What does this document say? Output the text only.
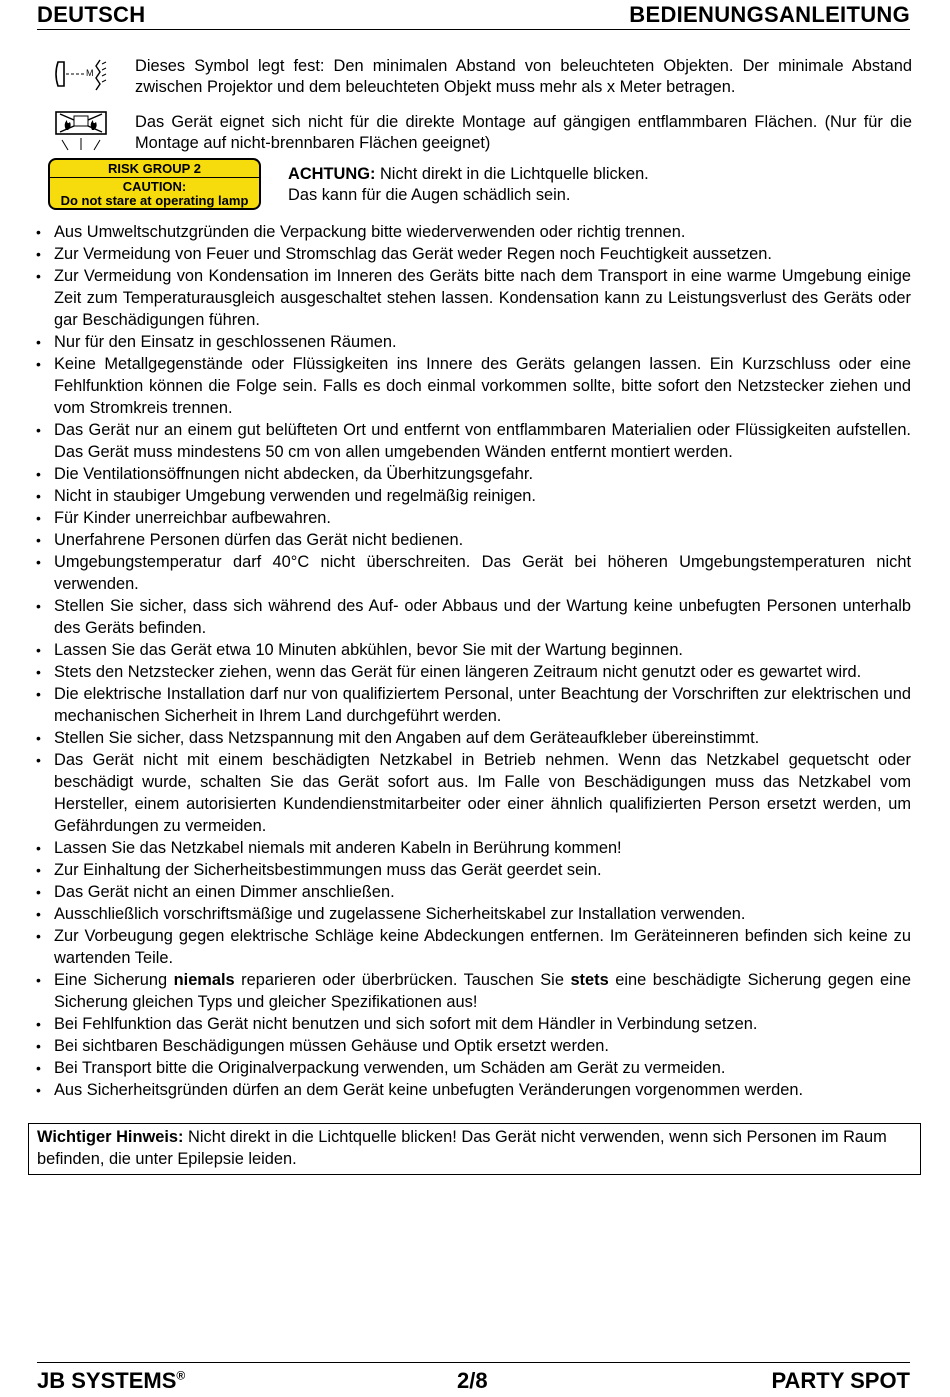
DEUTSCH	BEDIENUNGSANLEITUNG
M	Dieses Symbol legt fest: Den minimalen Abstand von beleuchteten Objekten. Der minimale Abstand zwischen Projektor und dem beleuchteten Objekt muss mehr als x Meter betragen.
Das Gerät eignet sich nicht für die direkte Montage auf gängigen entflammbaren Flächen. (Nur für die Montage auf nicht-brennbaren Flächen geeignet)
RISK GROUP 2
CAUTION:
Do not stare at operating lamp
ACHTUNG: Nicht direkt in die Lichtquelle blicken.
Das kann für die Augen schädlich sein.
• Aus Umweltschutzgründen die Verpackung bitte wiederverwenden oder richtig trennen.
• Zur Vermeidung von Feuer und Stromschlag das Gerät weder Regen noch Feuchtigkeit aussetzen.
• Zur Vermeidung von Kondensation im Inneren des Geräts bitte nach dem Transport in eine warme Umgebung einige Zeit zum Temperaturausgleich ausgeschaltet stehen lassen. Kondensation kann zu Leistungsverlust des Geräts oder gar Beschädigungen führen.
• Nur für den Einsatz in geschlossenen Räumen.
• Keine Metallgegenstände oder Flüssigkeiten ins Innere des Geräts gelangen lassen. Ein Kurzschluss oder eine Fehlfunktion können die Folge sein. Falls es doch einmal vorkommen sollte, bitte sofort den Netzstecker ziehen und vom Stromkreis trennen.
• Das Gerät nur an einem gut belüfteten Ort und entfernt von entflammbaren Materialien oder Flüssigkeiten aufstellen. Das Gerät muss mindestens 50 cm von allen umgebenden Wänden entfernt montiert werden.
• Die Ventilationsöffnungen nicht abdecken, da Überhitzungsgefahr.
• Nicht in staubiger Umgebung verwenden und regelmäßig reinigen.
• Für Kinder unerreichbar aufbewahren.
• Unerfahrene Personen dürfen das Gerät nicht bedienen.
• Umgebungstemperatur darf 40°C nicht überschreiten. Das Gerät bei höheren Umgebungstemperaturen nicht verwenden.
• Stellen Sie sicher, dass sich während des Auf- oder Abbaus und der Wartung keine unbefugten Personen unterhalb des Geräts befinden.
• Lassen Sie das Gerät etwa 10 Minuten abkühlen, bevor Sie mit der Wartung beginnen.
• Stets den Netzstecker ziehen, wenn das Gerät für einen längeren Zeitraum nicht genutzt oder es gewartet wird.
• Die elektrische Installation darf nur von qualifiziertem Personal, unter Beachtung der Vorschriften zur elektrischen und mechanischen Sicherheit in Ihrem Land durchgeführt werden.
• Stellen Sie sicher, dass Netzspannung mit den Angaben auf dem Geräteaufkleber übereinstimmt.
• Das Gerät nicht mit einem beschädigten Netzkabel in Betrieb nehmen. Wenn das Netzkabel gequetscht oder beschädigt wurde, schalten Sie das Gerät sofort aus. Im Falle von Beschädigungen muss das Netzkabel vom Hersteller, einem autorisierten Kundendienstmitarbeiter oder einer ähnlich qualifizierten Person ersetzt werden, um Gefährdungen zu vermeiden.
• Lassen Sie das Netzkabel niemals mit anderen Kabeln in Berührung kommen!
• Zur Einhaltung der Sicherheitsbestimmungen muss das Gerät geerdet sein.
• Das Gerät nicht an einen Dimmer anschließen.
• Ausschließlich vorschriftsmäßige und zugelassene Sicherheitskabel zur Installation verwenden.
• Zur Vorbeugung gegen elektrische Schläge keine Abdeckungen entfernen. Im Geräteinneren befinden sich keine zu wartenden Teile.
• Eine Sicherung niemals reparieren oder überbrücken. Tauschen Sie stets eine beschädigte Sicherung gegen eine Sicherung gleichen Typs und gleicher Spezifikationen aus!
• Bei Fehlfunktion das Gerät nicht benutzen und sich sofort mit dem Händler in Verbindung setzen.
• Bei sichtbaren Beschädigungen müssen Gehäuse und Optik ersetzt werden.
• Bei Transport bitte die Originalverpackung verwenden, um Schäden am Gerät zu vermeiden.
• Aus Sicherheitsgründen dürfen an dem Gerät keine unbefugten Veränderungen vorgenommen werden.
Wichtiger Hinweis: Nicht direkt in die Lichtquelle blicken! Das Gerät nicht verwenden, wenn sich Personen im Raum befinden, die unter Epilepsie leiden.
JB SYSTEMS®	2/8	PARTY SPOT
